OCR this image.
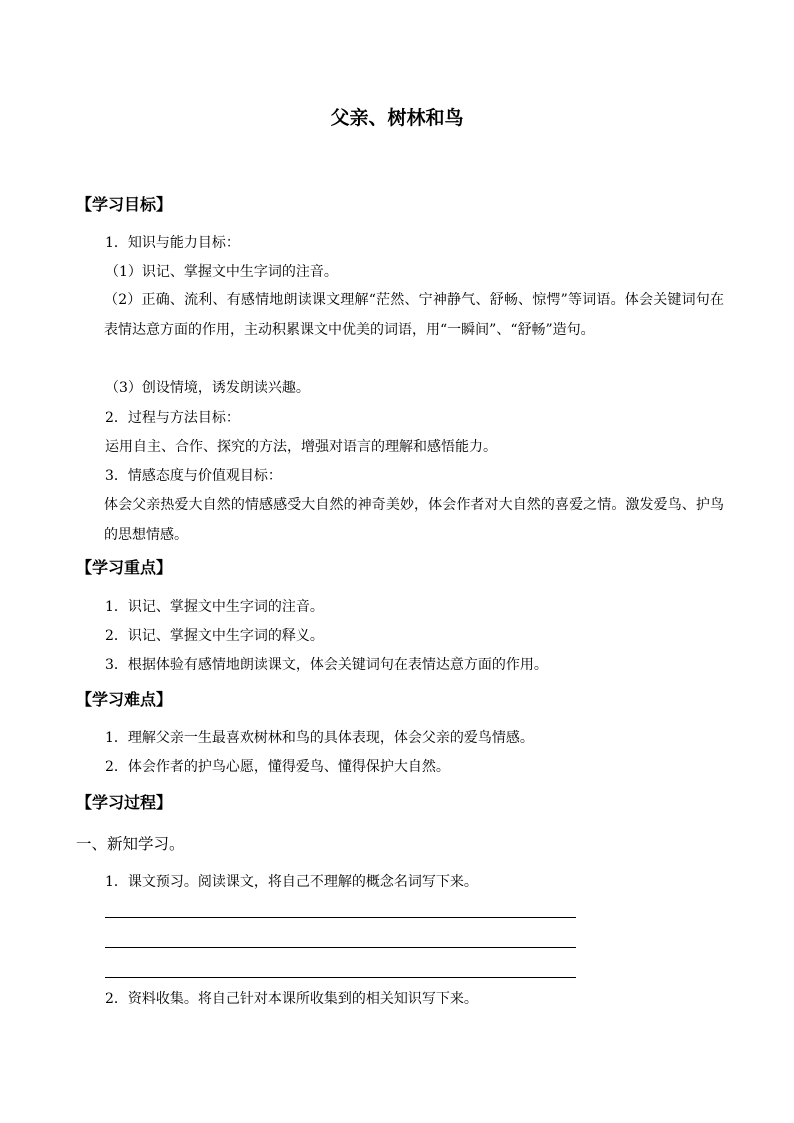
父亲、树林和鸟
【学习目标】
1．知识与能力目标：
（1）识记、掌握文中生字词的注音。
（2）正确、流利、有感情地朗读课文理解“茫然、宁神静气、舒畅、惊愕”等词语。体会关键词句在表情达意方面的作用，主动积累课文中优美的词语，用“一瞬间”、“舒畅”造句。
（3）创设情境，诱发朗读兴趣。
2．过程与方法目标：
运用自主、合作、探究的方法，增强对语言的理解和感悟能力。
3．情感态度与价值观目标：
体会父亲热爱大自然的情感感受大自然的神奇美妙，体会作者对大自然的喜爱之情。激发爱鸟、护鸟的思想情感。
【学习重点】
1．识记、掌握文中生字词的注音。
2．识记、掌握文中生字词的释义。
3．根据体验有感情地朗读课文，体会关键词句在表情达意方面的作用。
【学习难点】
1．理解父亲一生最喜欢树林和鸟的具体表现，体会父亲的爱鸟情感。
2．体会作者的护鸟心愿，懂得爱鸟、懂得保护大自然。
【学习过程】
一、新知学习。
1．课文预习。阅读课文，将自己不理解的概念名词写下来。
2．资料收集。将自己针对本课所收集到的相关知识写下来。
